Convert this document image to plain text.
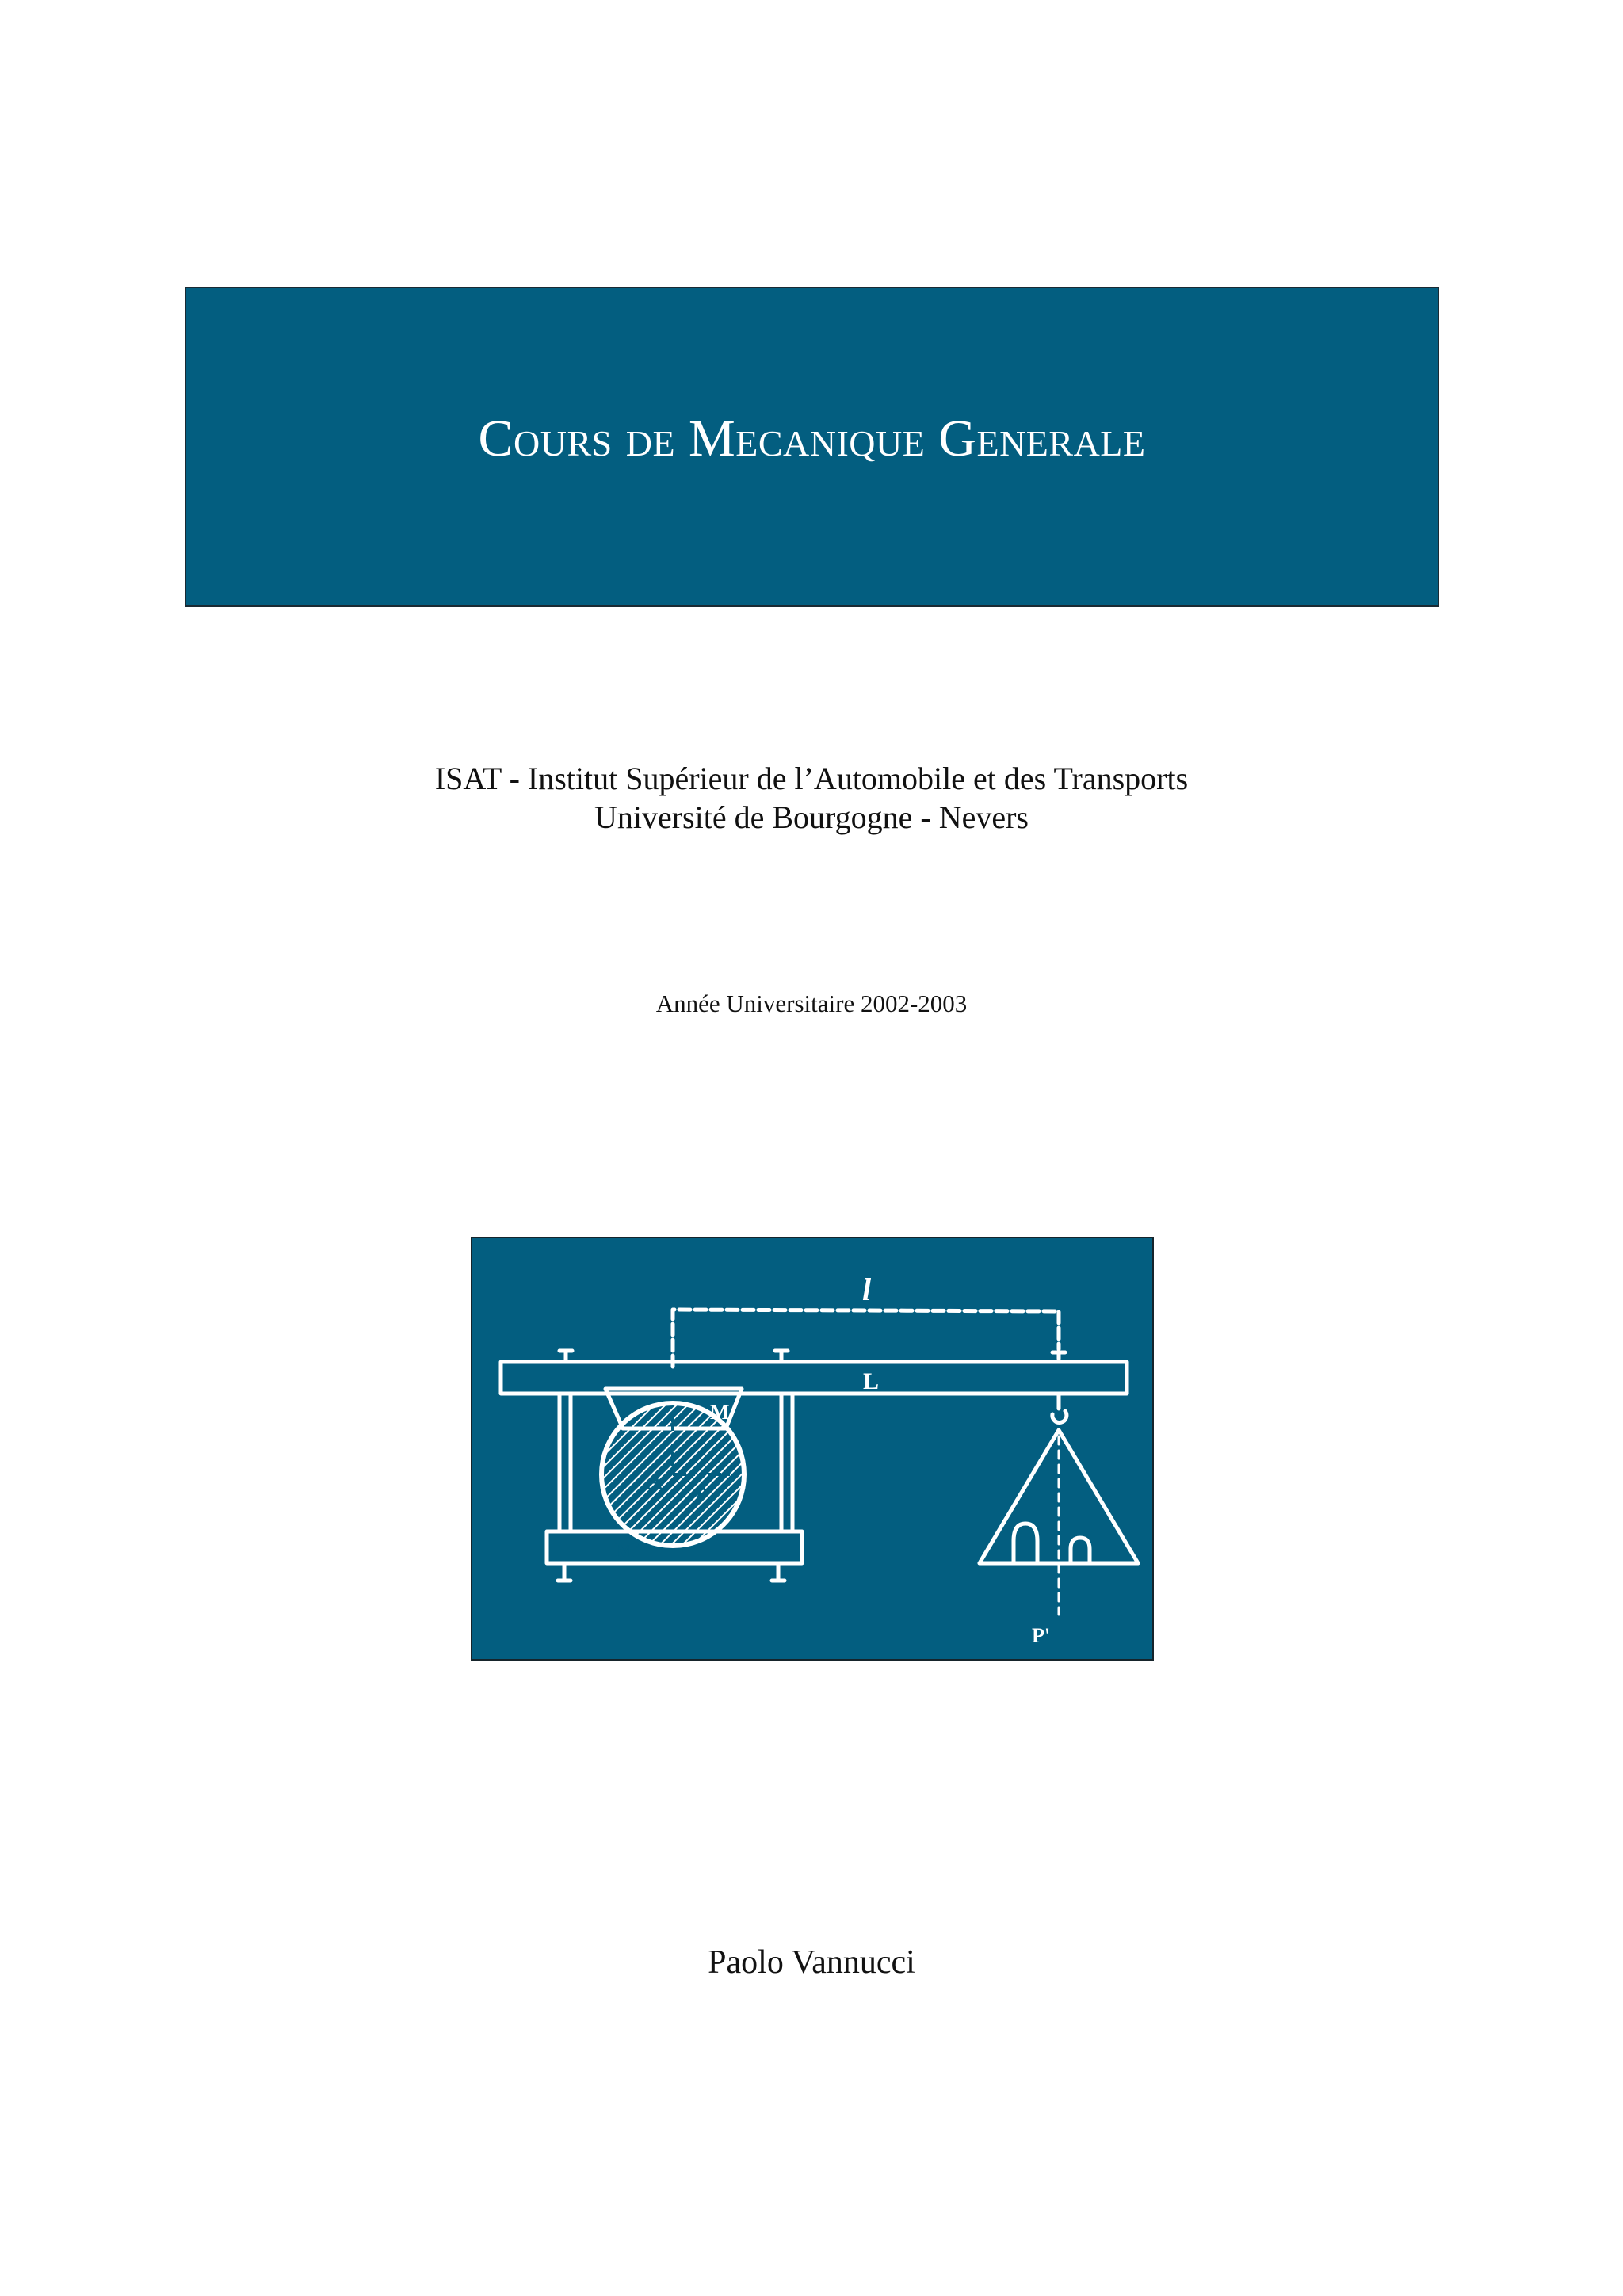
Cours de Mecanique Generale
ISAT - Institut Supérieur de l’Automobile et des Transports
Université de Bourgogne - Nevers
Année Universitaire 2002-2003
l
L
M
A r
M'
P'
Paolo Vannucci
